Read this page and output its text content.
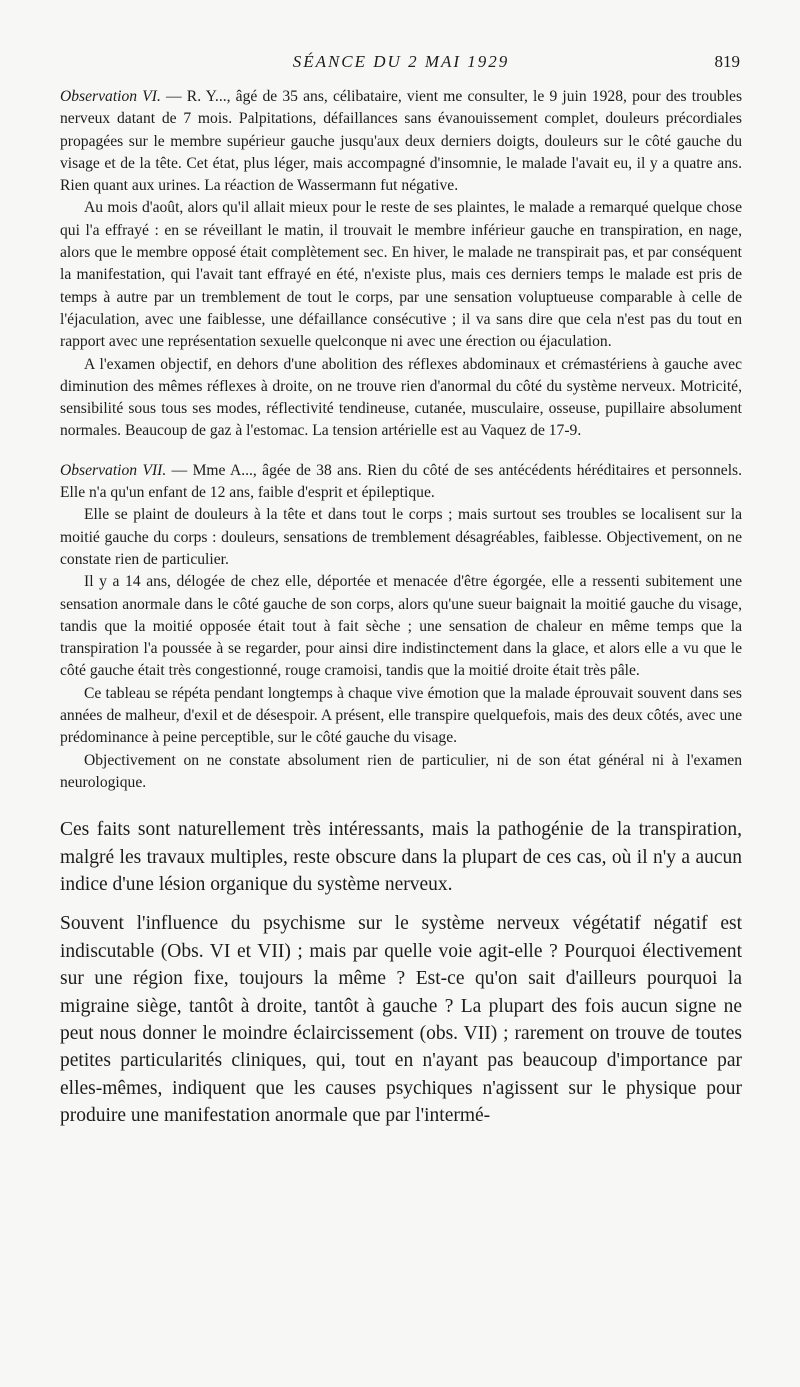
SÉANCE DU 2 MAI 1929	819

Observation VI. — R. Y..., âgé de 35 ans, célibataire, vient me consulter, le 9 juin 1928, pour des troubles nerveux datant de 7 mois. Palpitations, défaillances sans évanouissement complet, douleurs précordiales propagées sur le membre supérieur gauche jusqu'aux deux derniers doigts, douleurs sur le côté gauche du visage et de la tête. Cet état, plus léger, mais accompagné d'insomnie, le malade l'avait eu, il y a quatre ans. Rien quant aux urines. La réaction de Wassermann fut négative.

Au mois d'août, alors qu'il allait mieux pour le reste de ses plaintes, le malade a remarqué quelque chose qui l'a effrayé : en se réveillant le matin, il trouvait le membre inférieur gauche en transpiration, en nage, alors que le membre opposé était complètement sec. En hiver, le malade ne transpirait pas, et par conséquent la manifestation, qui l'avait tant effrayé en été, n'existe plus, mais ces derniers temps le malade est pris de temps à autre par un tremblement de tout le corps, par une sensation voluptueuse comparable à celle de l'éjaculation, avec une faiblesse, une défaillance consécutive ; il va sans dire que cela n'est pas du tout en rapport avec une représentation sexuelle quelconque ni avec une érection ou éjaculation.

A l'examen objectif, en dehors d'une abolition des réflexes abdominaux et crémastériens à gauche avec diminution des mêmes réflexes à droite, on ne trouve rien d'anormal du côté du système nerveux. Motricité, sensibilité sous tous ses modes, réflectivité tendineuse, cutanée, musculaire, osseuse, pupillaire absolument normales. Beaucoup de gaz à l'estomac. La tension artérielle est au Vaquez de 17-9.

Observation VII. — Mme A..., âgée de 38 ans. Rien du côté de ses antécédents héréditaires et personnels. Elle n'a qu'un enfant de 12 ans, faible d'esprit et épileptique.

Elle se plaint de douleurs à la tête et dans tout le corps ; mais surtout ses troubles se localisent sur la moitié gauche du corps : douleurs, sensations de tremblement désagréables, faiblesse. Objectivement, on ne constate rien de particulier.

Il y a 14 ans, délogée de chez elle, déportée et menacée d'être égorgée, elle a ressenti subitement une sensation anormale dans le côté gauche de son corps, alors qu'une sueur baignait la moitié gauche du visage, tandis que la moitié opposée était tout à fait sèche ; une sensation de chaleur en même temps que la transpiration l'a poussée à se regarder, pour ainsi dire indistinctement dans la glace, et alors elle a vu que le côté gauche était très congestionné, rouge cramoisi, tandis que la moitié droite était très pâle.

Ce tableau se répéta pendant longtemps à chaque vive émotion que la malade éprouvait souvent dans ses années de malheur, d'exil et de désespoir. A présent, elle transpire quelquefois, mais des deux côtés, avec une prédominance à peine perceptible, sur le côté gauche du visage.

Objectivement on ne constate absolument rien de particulier, ni de son état général ni à l'examen neurologique.

Ces faits sont naturellement très intéressants, mais la pathogénie de la transpiration, malgré les travaux multiples, reste obscure dans la plupart de ces cas, où il n'y a aucun indice d'une lésion organique du système nerveux.

Souvent l'influence du psychisme sur le système nerveux végétatif négatif est indiscutable (Obs. VI et VII) ; mais par quelle voie agit-elle ? Pourquoi électivement sur une région fixe, toujours la même ? Est-ce qu'on sait d'ailleurs pourquoi la migraine siège, tantôt à droite, tantôt à gauche ? La plupart des fois aucun signe ne peut nous donner le moindre éclaircissement (obs. VII) ; rarement on trouve de toutes petites particularités cliniques, qui, tout en n'ayant pas beaucoup d'importance par elles-mêmes, indiquent que les causes psychiques n'agissent sur le physique pour produire une manifestation anormale que par l'intermé-
